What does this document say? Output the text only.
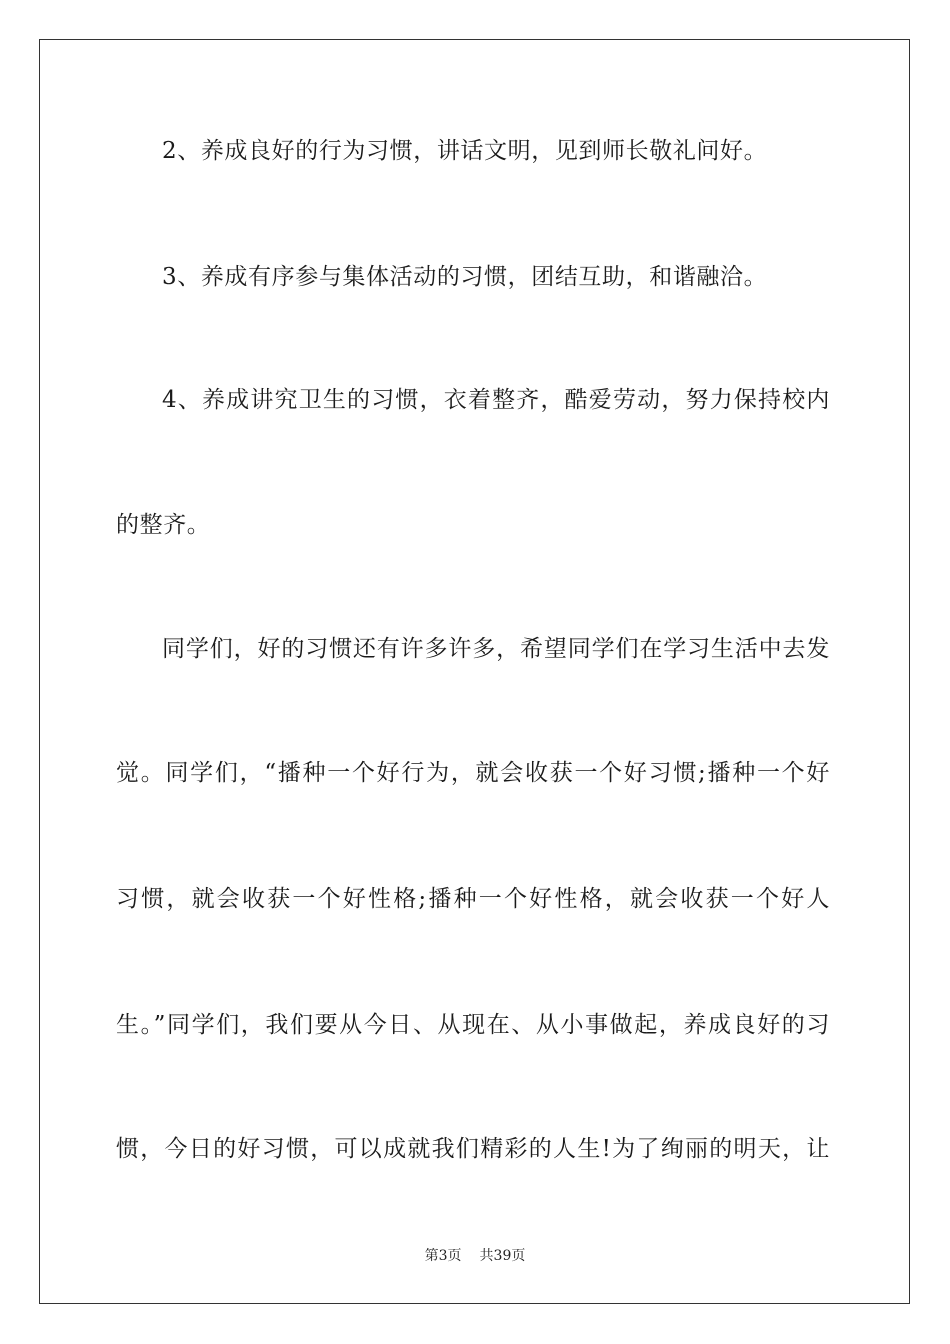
2、养成良好的行为习惯，讲话文明，见到师长敬礼问好。
3、养成有序参与集体活动的习惯，团结互助，和谐融洽。
4、养成讲究卫生的习惯，衣着整齐，酷爱劳动，努力保持校内
的整齐。
同学们，好的习惯还有许多许多，希望同学们在学习生活中去发
觉。同学们，“播种一个好行为，就会收获一个好习惯;播种一个好
习惯，就会收获一个好性格;播种一个好性格，就会收获一个好人
生。”同学们，我们要从今日、从现在、从小事做起，养成良好的习
惯，今日的好习惯，可以成就我们精彩的人生!为了绚丽的明天，让
第3页 共39页
